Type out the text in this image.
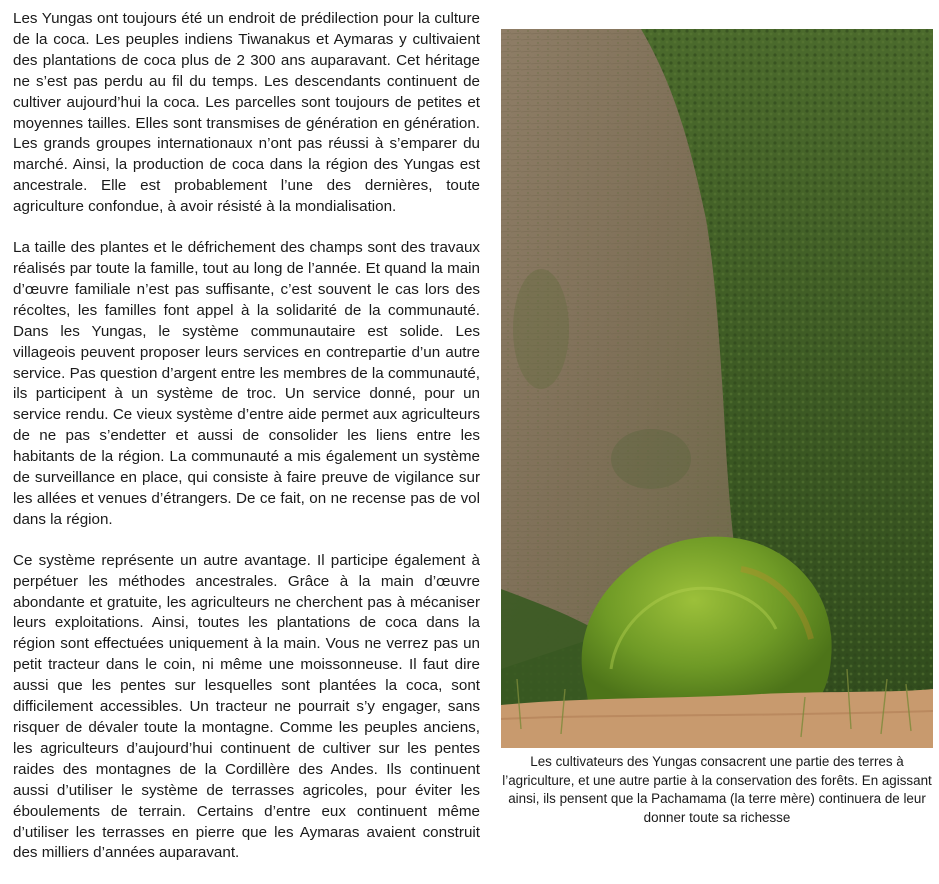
Les Yungas ont toujours été un endroit de prédilection pour la culture de la coca. Les peuples indiens Tiwanakus et Aymaras y cultivaient des plantations de coca plus de 2 300 ans auparavant. Cet héritage ne s’est pas perdu au fil du temps. Les descendants continuent de cultiver aujourd’hui la coca. Les parcelles sont toujours de petites et moyennes tailles. Elles sont transmises de génération en génération. Les grands groupes internationaux n’ont pas réussi à s’emparer du marché. Ainsi, la production de coca dans la région des Yungas est ancestrale. Elle est probablement l’une des dernières, toute agriculture confondue, à avoir résisté à la mondialisation.

La taille des plantes et le défrichement des champs sont des travaux réalisés par toute la famille, tout au long de l’année. Et quand la main d’œuvre familiale n’est pas suffisante, c’est souvent le cas lors des récoltes, les familles font appel à la solidarité de la communauté. Dans les Yungas, le système communautaire est solide. Les villageois peuvent proposer leurs services en contrepartie d’un autre service. Pas question d’argent entre les membres de la communauté, ils participent à un système de troc. Un service donné, pour un service rendu. Ce vieux système d’entre aide permet aux agriculteurs de ne pas s’endetter et aussi de consolider les liens entre les habitants de la région. La communauté a mis également un système de surveillance en place, qui consiste à faire preuve de vigilance sur les allées et venues d’étrangers. De ce fait, on ne recense pas de vol dans la région.

Ce système représente un autre avantage. Il participe également à perpétuer les méthodes ancestrales. Grâce à la main d’œuvre abondante et gratuite, les agriculteurs ne cherchent pas à mécaniser leurs exploitations. Ainsi, toutes les plantations de coca dans la région sont effectuées uniquement à la main. Vous ne verrez pas un petit tracteur dans le coin, ni même une moissonneuse. Il faut dire aussi que les pentes sur lesquelles sont plantées la coca, sont difficilement accessibles. Un tracteur ne pourrait s’y engager, sans risquer de dévaler toute la montagne. Comme les peuples anciens, les agriculteurs d’aujourd’hui continuent de cultiver sur les pentes raides des montagnes de la Cordillère des Andes. Ils continuent aussi d’utiliser le système de terrasses agricoles, pour éviter les éboulements de terrain. Certains d’entre eux continuent même d’utiliser les terrasses en pierre que les Aymaras avaient construit des milliers d’années auparavant.

Les cultivateurs des Yungas consacrent une partie des terres à l’agriculture, et une autre partie à la conservation des forêts. En agissant ainsi, ils pensent que la Pachamama (la terre mère) continuera de leur donner toute sa richesse
